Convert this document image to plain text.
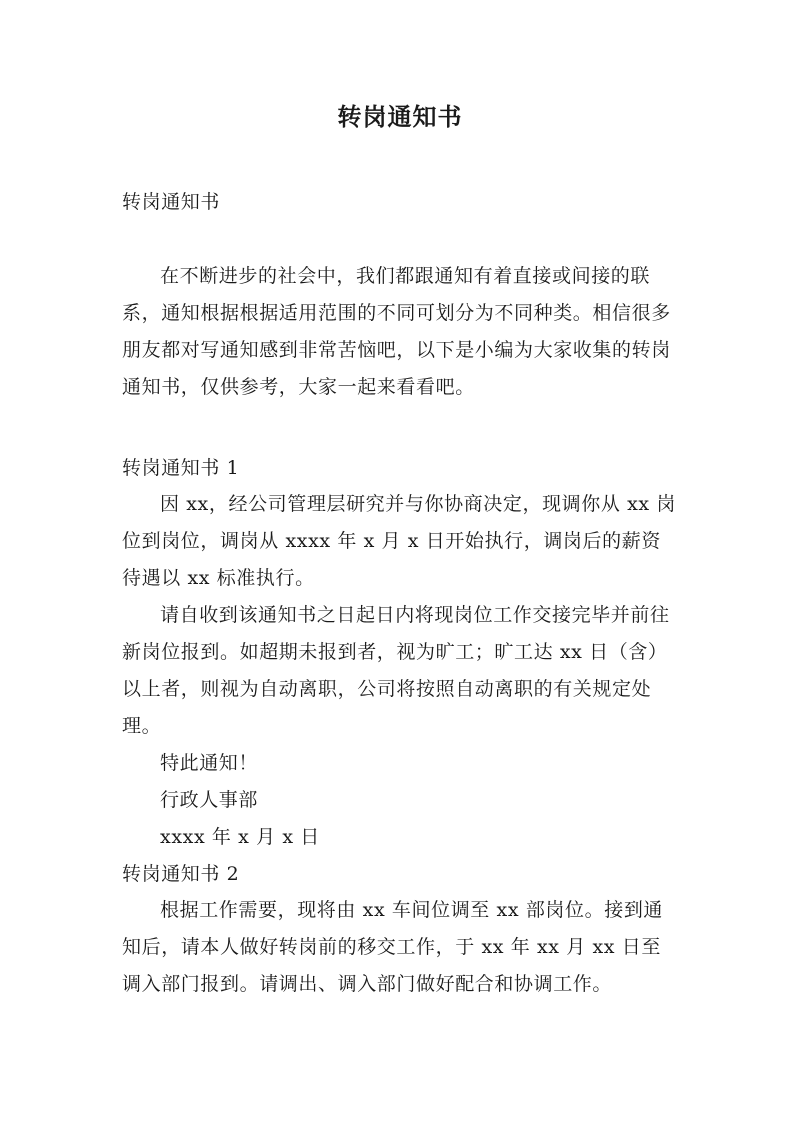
转岗通知书
转岗通知书

在不断进步的社会中，我们都跟通知有着直接或间接的联系，通知根据根据适用范围的不同可划分为不同种类。相信很多朋友都对写通知感到非常苦恼吧，以下是小编为大家收集的转岗通知书，仅供参考，大家一起来看看吧。

转岗通知书 1

因 xx，经公司管理层研究并与你协商决定，现调你从 xx 岗位到岗位，调岗从 xxxx 年 x 月 x 日开始执行，调岗后的薪资待遇以 xx 标准执行。

请自收到该通知书之日起日内将现岗位工作交接完毕并前往新岗位报到。如超期未报到者，视为旷工；旷工达 xx 日（含）以上者，则视为自动离职，公司将按照自动离职的有关规定处理。

特此通知！
行政人事部
xxxx 年 x 月 x 日
转岗通知书 2

根据工作需要，现将由 xx 车间位调至 xx 部岗位。接到通知后，请本人做好转岗前的移交工作，于 xx 年 xx 月 xx 日至调入部门报到。请调出、调入部门做好配合和协调工作。
